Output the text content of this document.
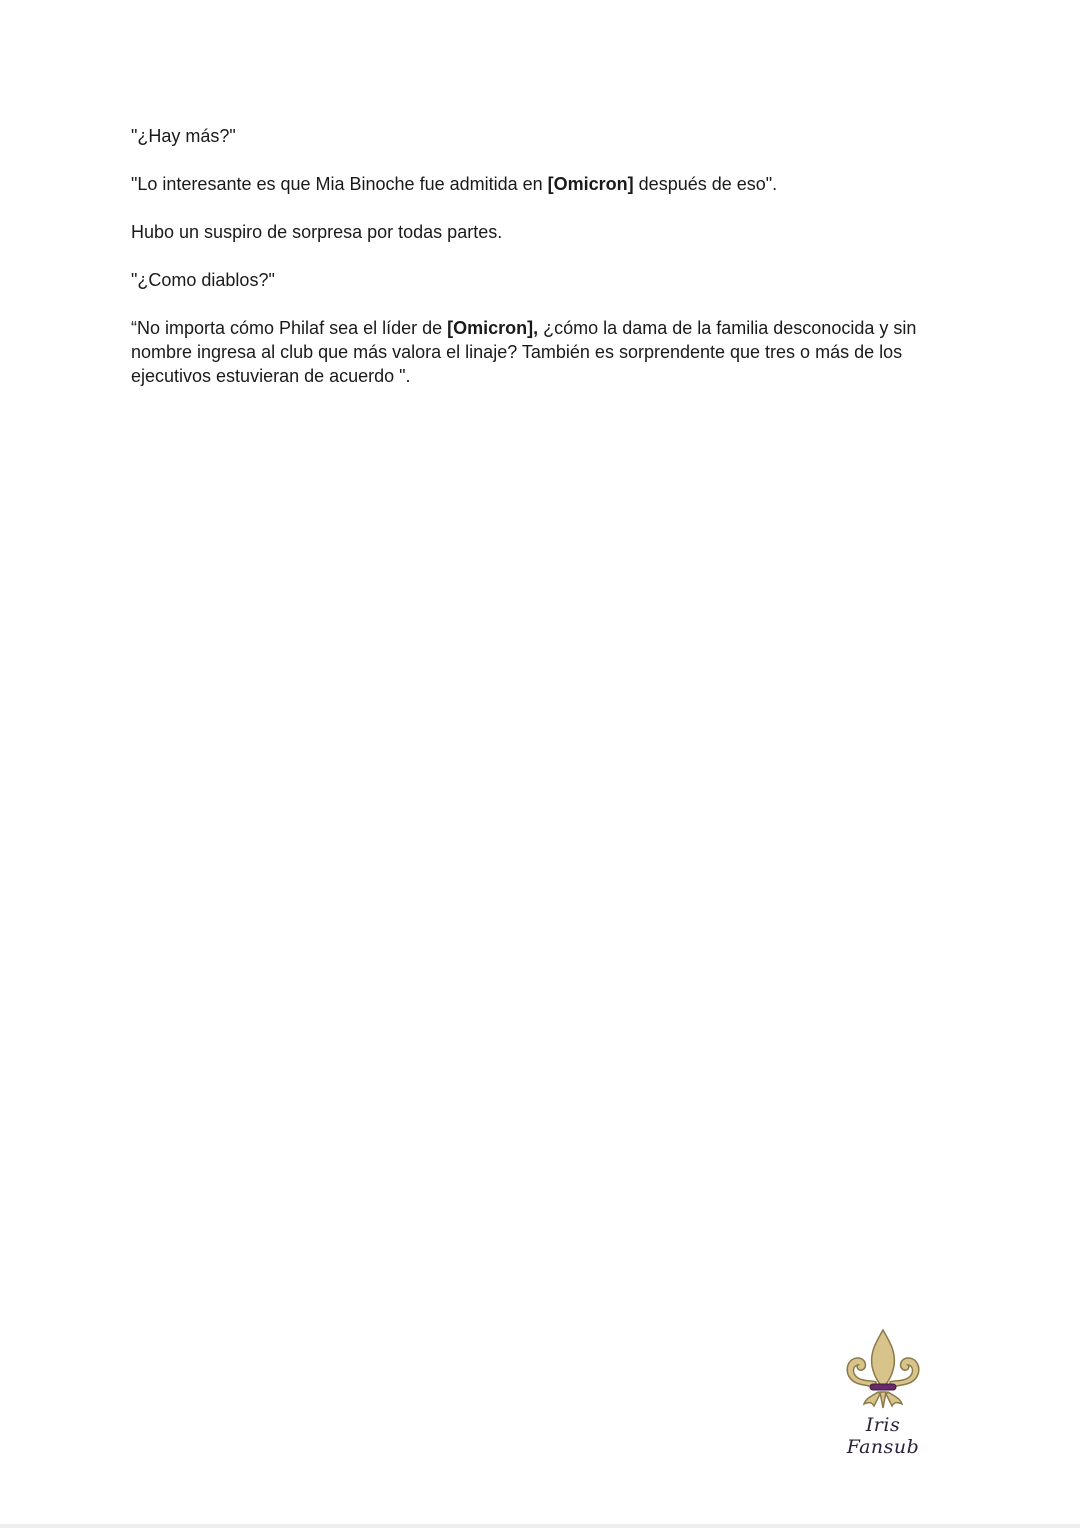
"¿Hay más?"

"Lo interesante es que Mia Binoche fue admitida en [Omicron] después de eso".

Hubo un suspiro de sorpresa por todas partes.

"¿Como diablos?"

“No importa cómo Philaf sea el líder de [Omicron], ¿cómo la dama de la familia desconocida y sin nombre ingresa al club que más valora el linaje? También es sorprendente que tres o más de los ejecutivos estuvieran de acuerdo ".

Iris Fansub
